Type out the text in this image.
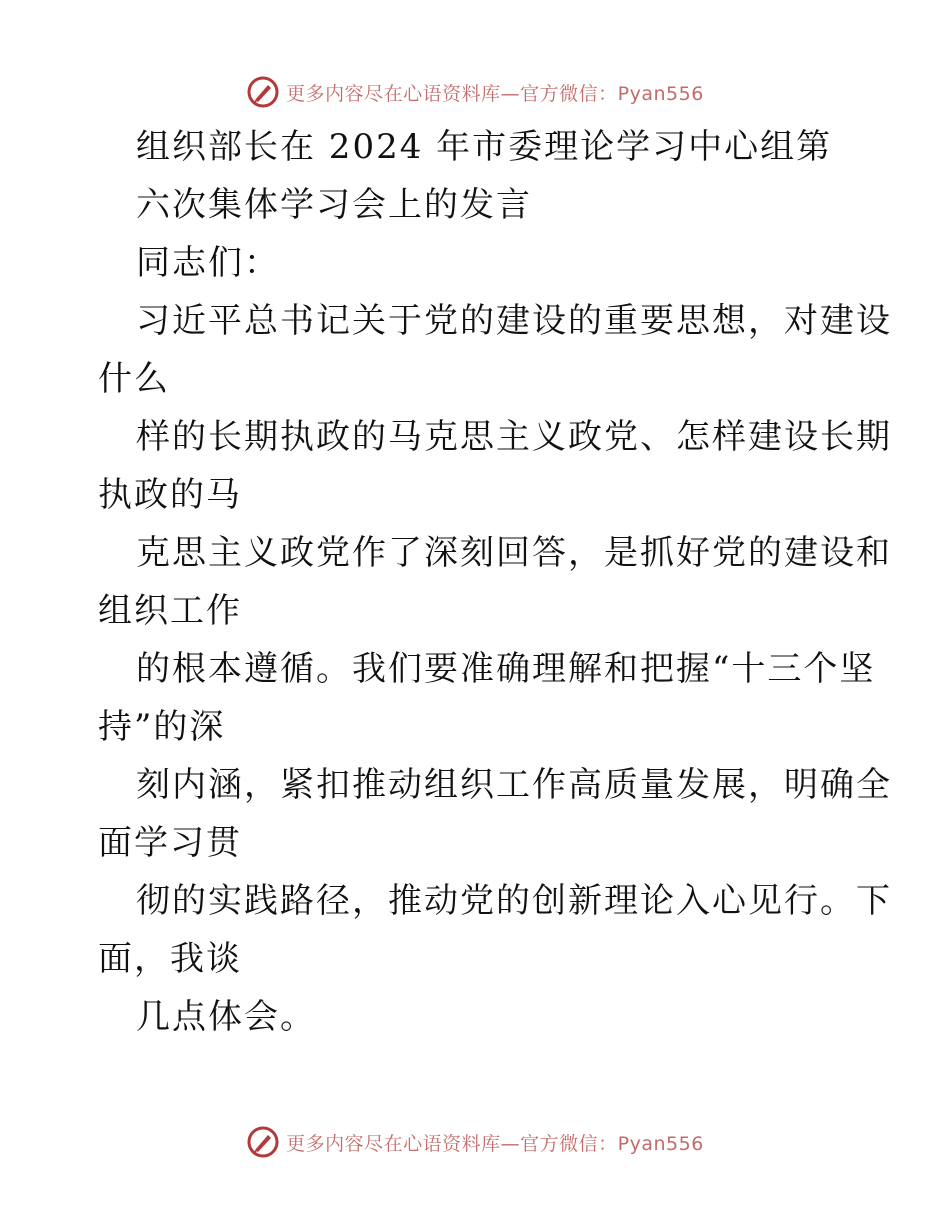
更多内容尽在心语资料库—官方微信：Pyan556
组织部长在 2024 年市委理论学习中心组第
六次集体学习会上的发言
同志们：
习近平总书记关于党的建设的重要思想，对建设
什么
样的长期执政的马克思主义政党、怎样建设长期
执政的马
克思主义政党作了深刻回答，是抓好党的建设和
组织工作
的根本遵循。我们要准确理解和把握“十三个坚
持”的深
刻内涵，紧扣推动组织工作高质量发展，明确全
面学习贯
彻的实践路径，推动党的创新理论入心见行。下
面，我谈
几点体会。
更多内容尽在心语资料库—官方微信：Pyan556
